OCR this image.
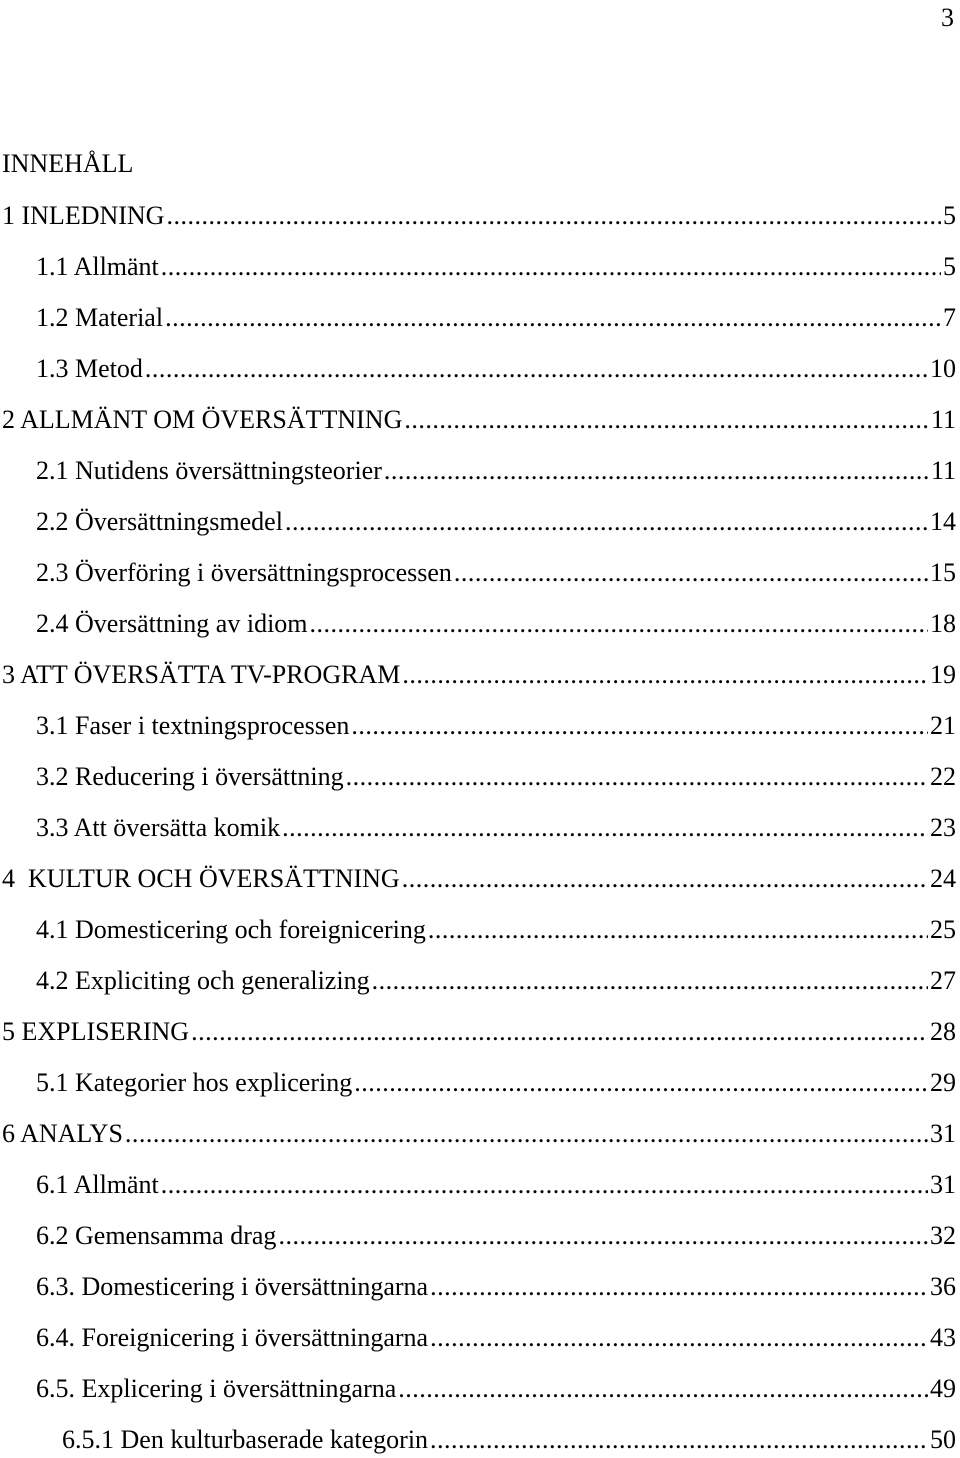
3
INNEHÅLL
1 INLEDNING .....	5
1.1 Allmänt .....	5
1.2 Material .....	7
1.3 Metod .....	10
2 ALLMÄNT OM ÖVERSÄTTNING .....	11
2.1 Nutidens översättningsteorier .....	11
2.2 Översättningsmedel .....	14
2.3 Överföring i översättningsprocessen .....	15
2.4 Översättning av idiom .....	18
3 ATT ÖVERSÄTTA TV-PROGRAM .....	19
3.1 Faser i textningsprocessen .....	21
3.2 Reducering i översättning .....	22
3.3 Att översätta komik .....	23
4  KULTUR OCH ÖVERSÄTTNING .....	24
4.1 Domesticering och foreignicering .....	25
4.2 Expliciting och generalizing .....	27
5 EXPLISERING .....	28
5.1 Kategorier hos explicering .....	29
6 ANALYS .....	31
6.1 Allmänt .....	31
6.2 Gemensamma drag .....	32
6.3. Domesticering i översättningarna .....	36
6.4. Foreignicering i översättningarna .....	43
6.5. Explicering i översättningarna .....	49
6.5.1 Den kulturbaserade kategorin .....	50
